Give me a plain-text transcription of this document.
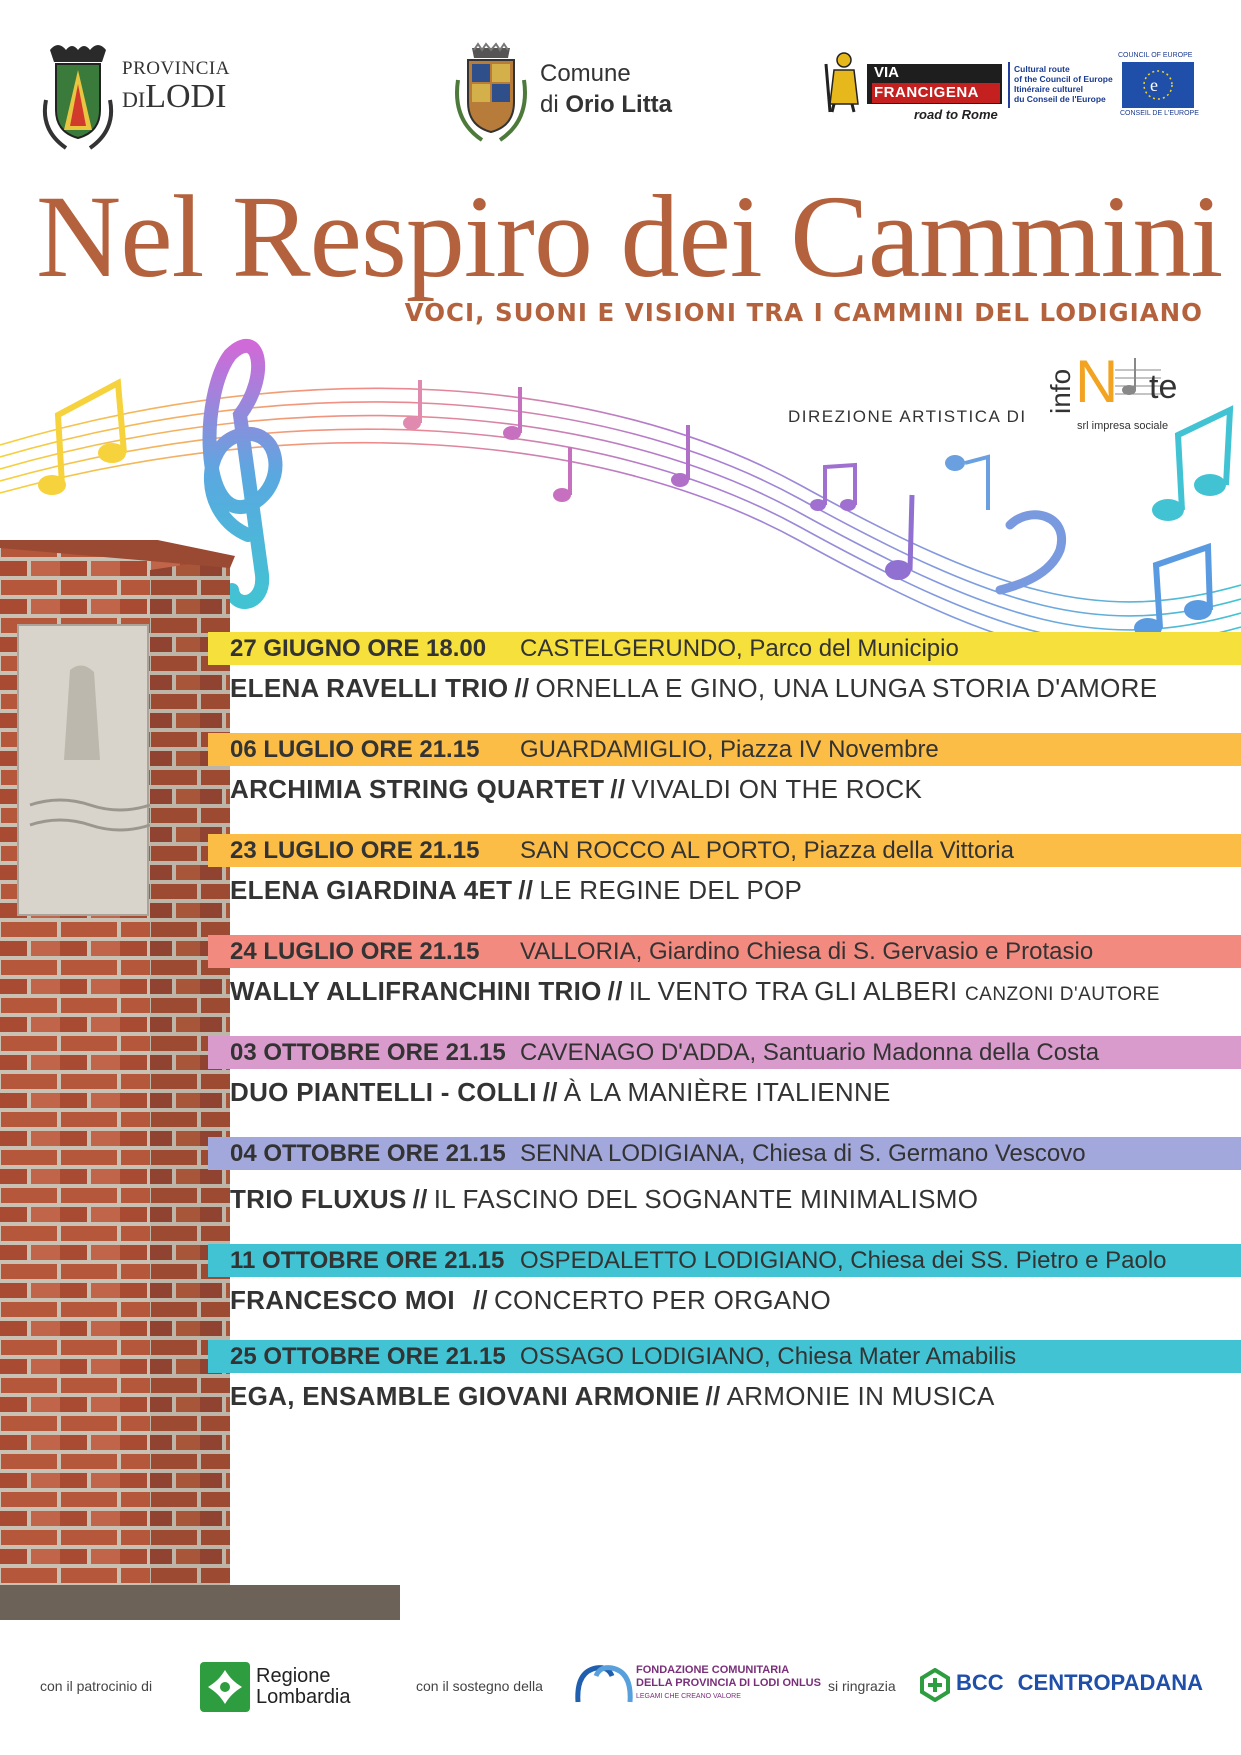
PROVINCIA
DILODI
Comune
di Orio Litta
VIA
FRANCIGENA
road to Rome
Cultural route
of the Council of Europe
Itinéraire culturel
du Conseil de l'Europe
COUNCIL OF EUROPE
e
CONSEIL DE L'EUROPE
Nel Respiro dei Cammini
VOCI, SUONI E VISIONI TRA I CAMMINI DEL LODIGIANO
DIREZIONE ARTISTICA DI
info N te
srl impresa sociale
27 GIUGNO ORE 18.00	CASTELGERUNDO, Parco del Municipio
ELENA RAVELLI TRIO // ORNELLA E GINO, UNA LUNGA STORIA D'AMORE
06 LUGLIO ORE 21.15	GUARDAMIGLIO, Piazza IV Novembre
ARCHIMIA STRING QUARTET // VIVALDI ON THE ROCK
23 LUGLIO ORE 21.15	SAN ROCCO AL PORTO, Piazza della Vittoria
ELENA GIARDINA 4ET // LE REGINE DEL POP
24 LUGLIO ORE 21.15	VALLORIA, Giardino Chiesa di S. Gervasio e Protasio
WALLY ALLIFRANCHINI TRIO // IL VENTO TRA GLI ALBERI CANZONI D'AUTORE
03 OTTOBRE ORE 21.15 CAVENAGO D'ADDA, Santuario Madonna della Costa
DUO PIANTELLI - COLLI // À LA MANIÈRE ITALIENNE
04 OTTOBRE ORE 21.15 SENNA LODIGIANA, Chiesa di S. Germano Vescovo
TRIO FLUXUS // IL FASCINO DEL SOGNANTE MINIMALISMO
11 OTTOBRE ORE 21.15 OSPEDALETTO LODIGIANO, Chiesa dei SS. Pietro e Paolo
FRANCESCO MOI // CONCERTO PER ORGANO
25 OTTOBRE ORE 21.15 OSSAGO LODIGIANO, Chiesa Mater Amabilis
EGA, ENSAMBLE GIOVANI ARMONIE // ARMONIE IN MUSICA
con il patrocinio di	Regione
Lombardia	con il sostegno della
FONDAZIONE COMUNITARIA
DELLA PROVINCIA DI LODI ONLUS
LEGAMI CHE CREANO VALORE
si ringrazia	BCC CENTROPADANA
